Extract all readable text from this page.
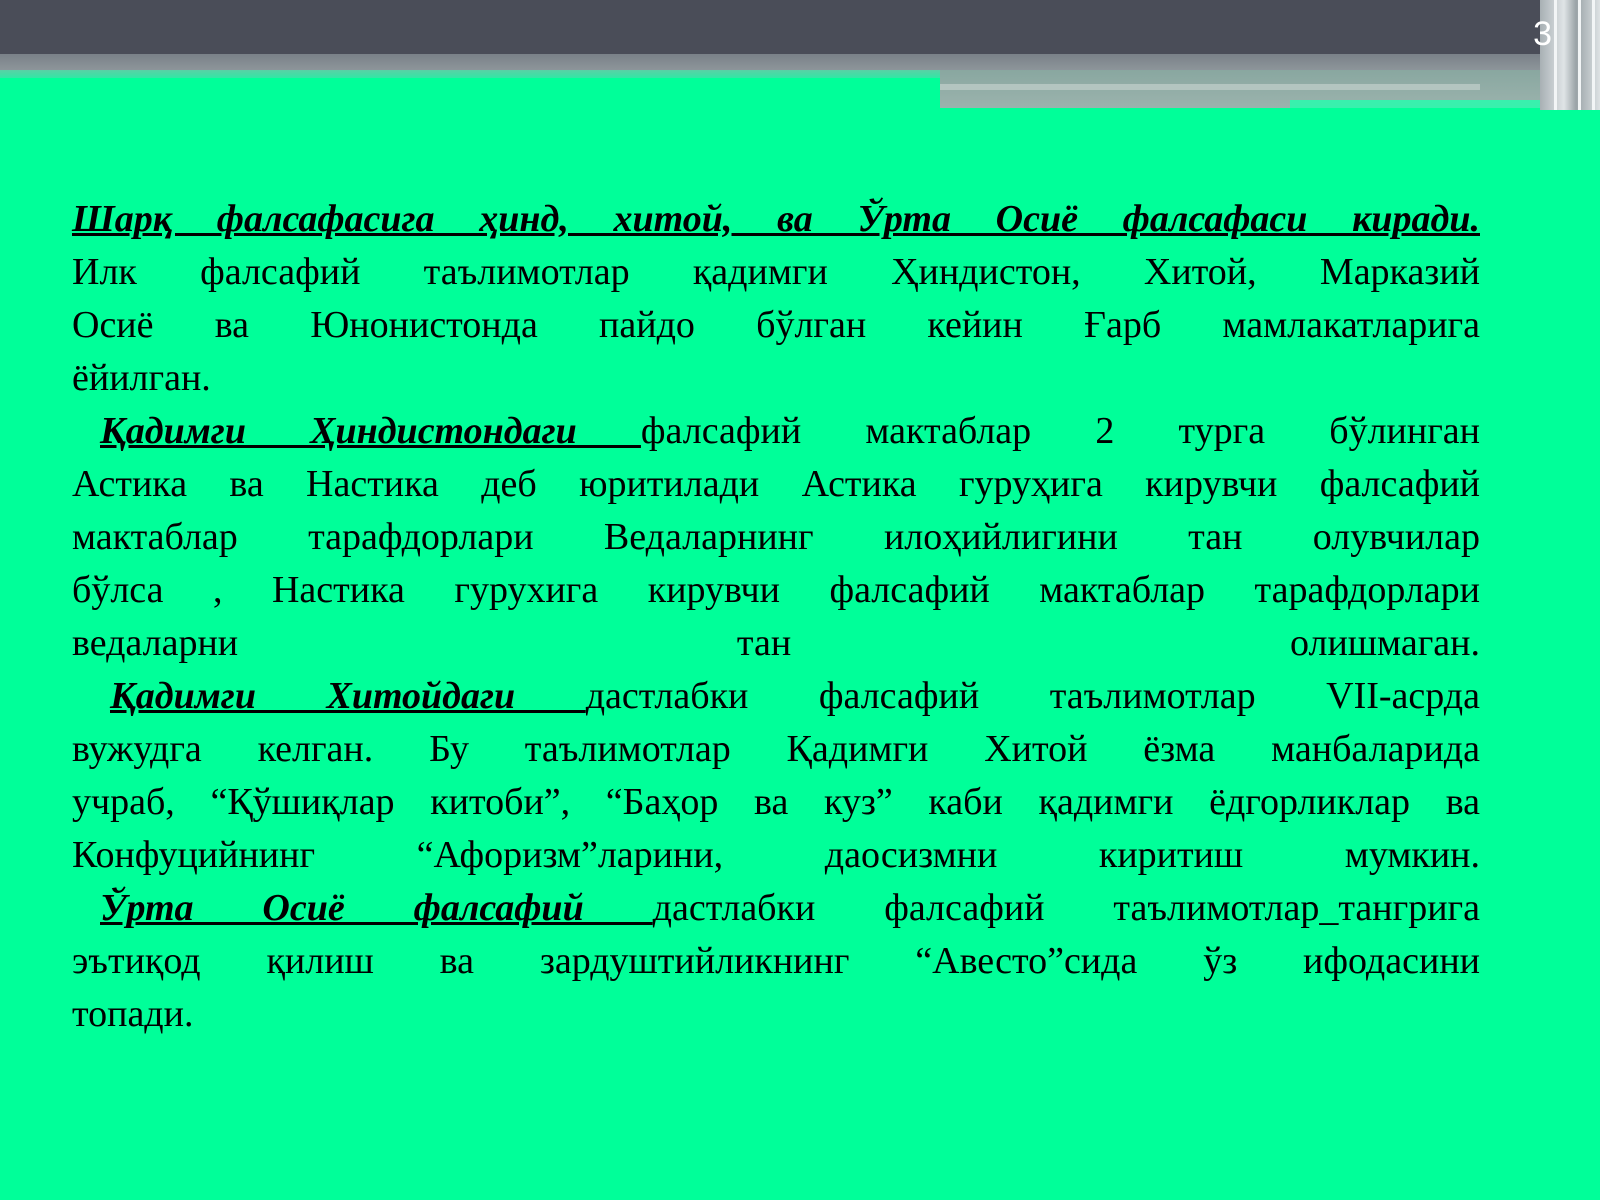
3
Шарқ фалсафасига ҳинд, хитой, ва Ўрта Осиё фалсафаси киради.
Илк фалсафий таълимотлар қадимги Ҳиндистон, Хитой, Марказий
Осиё ва Юнонистонда пайдо бўлган кейин Ғарб мамлакатларига
ёйилган.
Қадимги Ҳиндистондаги фалсафий мактаблар 2 турга бўлинган
Астика ва Настика деб юритилади Астика гуруҳига кирувчи фалсафий
мактаблар тарафдорлари Ведаларнинг илоҳийлигини тан олувчилар
бўлса , Настика гурухига кирувчи фалсафий мактаблар тарафдорлари
ведаларни тан олишмаган.
Қадимги Хитойдаги дастлабки фалсафий таълимотлар VII-асрда
вужудга келган. Бу таълимотлар Қадимги Хитой ёзма манбаларида
учраб, “Қўшиқлар китоби”, “Баҳор ва куз” каби қадимги ёдгорликлар ва
Конфуцийнинг “Афоризм”ларини, даосизмни киритиш мумкин.
Ўрта Осиё фалсафий дастлабки фалсафий таълимотлар_тангрига
эътиқод қилиш ва зардуштийликнинг “Авесто”сида ўз ифодасини
топади.
